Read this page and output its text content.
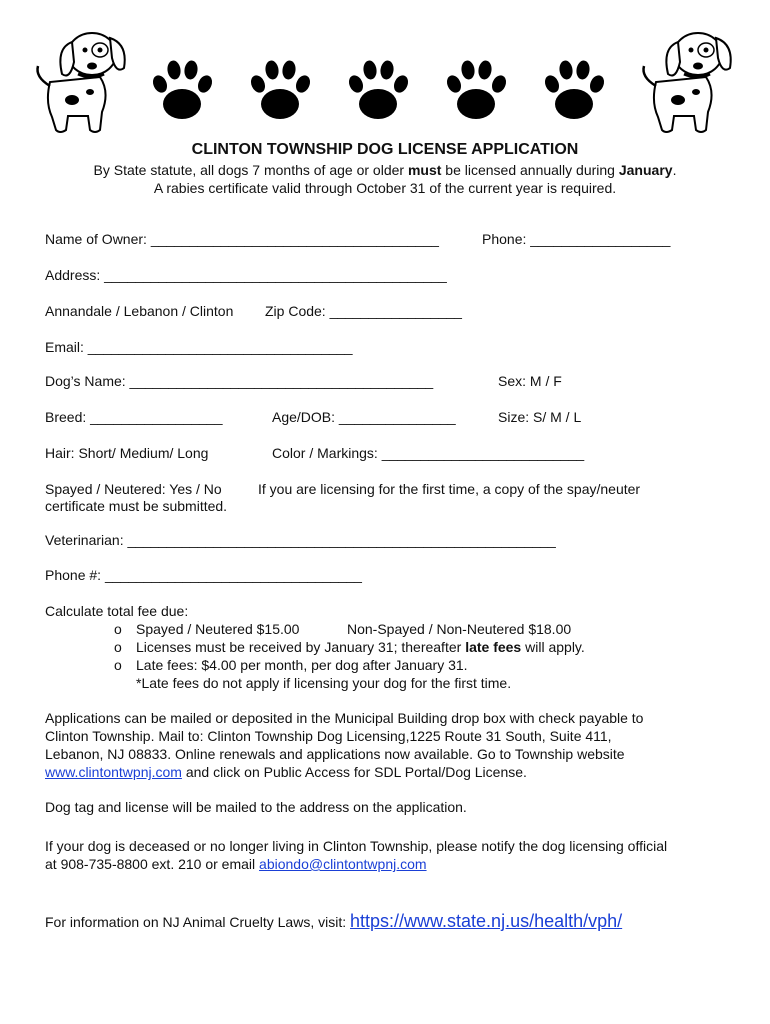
CLINTON TOWNSHIP DOG LICENSE APPLICATION
By State statute, all dogs 7 months of age or older must be licensed annually during January.
A rabies certificate valid through October 31 of the current year is required.
Name of Owner: _____________________________________	Phone: __________________
Address: ____________________________________________
Annandale / Lebanon / Clinton Zip Code: _________________
Email: __________________________________
Dog’s Name: _______________________________________	Sex: M / F
Breed: _________________	Age/DOB: _______________	Size: S/ M / L
Hair: Short/ Medium/ Long	Color / Markings: __________________________
Spayed / Neutered: Yes / No	If you are licensing for the first time, a copy of the spay/neuter
certificate must be submitted.
Veterinarian: _______________________________________________________
Phone #: _________________________________
Calculate total fee due:
o Spayed / Neutered $15.00	Non-Spayed / Non-Neutered $18.00
o Licenses must be received by January 31; thereafter late fees will apply.
o Late fees: $4.00 per month, per dog after January 31.
*Late fees do not apply if licensing your dog for the first time.
Applications can be mailed or deposited in the Municipal Building drop box with check payable to
Clinton Township. Mail to: Clinton Township Dog Licensing,1225 Route 31 South, Suite 411,
Lebanon, NJ 08833. Online renewals and applications now available. Go to Township website
www.clintontwpnj.com and click on Public Access for SDL Portal/Dog License.
Dog tag and license will be mailed to the address on the application.
If your dog is deceased or no longer living in Clinton Township, please notify the dog licensing official
at 908-735-8800 ext. 210 or email abiondo@clintontwpnj.com
For information on NJ Animal Cruelty Laws, visit: https://www.state.nj.us/health/vph/
